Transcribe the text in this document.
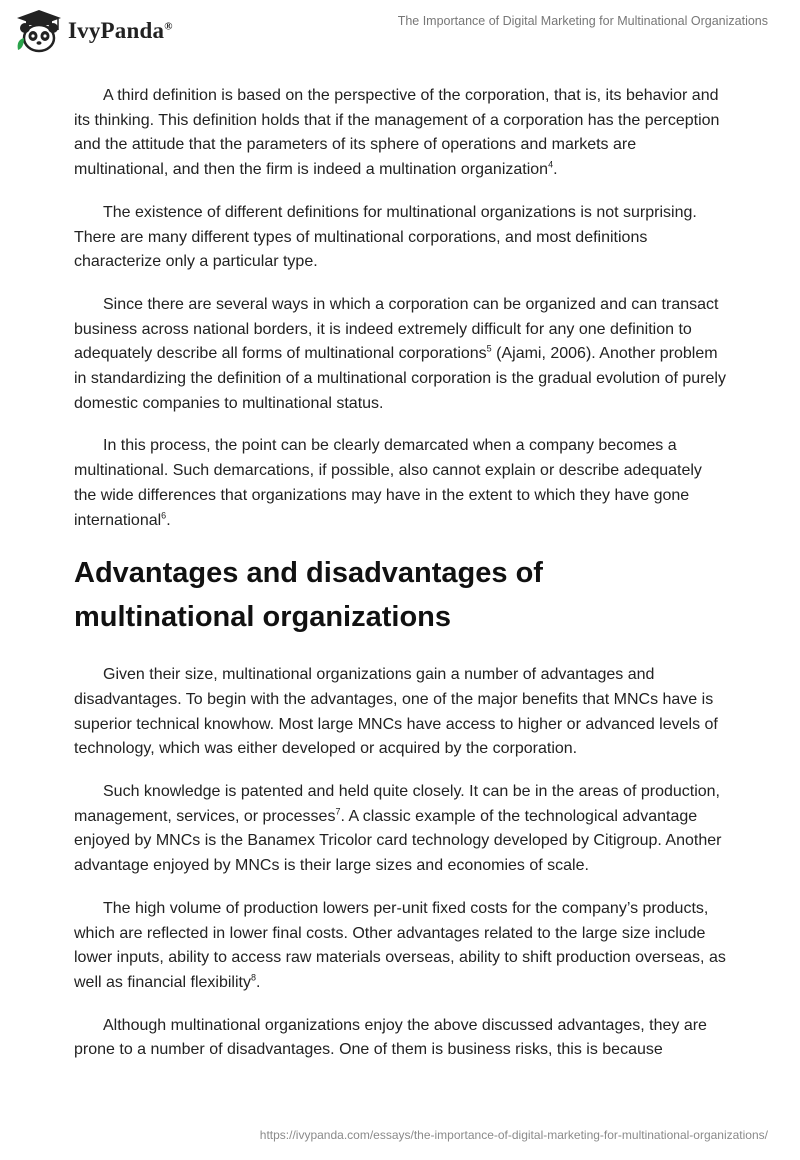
IvyPanda®	The Importance of Digital Marketing for Multinational Organizations

A third definition is based on the perspective of the corporation, that is, its behavior and its thinking. This definition holds that if the management of a corporation has the perception and the attitude that the parameters of its sphere of operations and markets are multinational, and then the firm is indeed a multination organization$^4$.

The existence of different definitions for multinational organizations is not surprising. There are many different types of multinational corporations, and most definitions characterize only a particular type.

Since there are several ways in which a corporation can be organized and can transact business across national borders, it is indeed extremely difficult for any one definition to adequately describe all forms of multinational corporations$^5$ (Ajami, 2006). Another problem in standardizing the definition of a multinational corporation is the gradual evolution of purely domestic companies to multinational status.

In this process, the point can be clearly demarcated when a company becomes a multinational. Such demarcations, if possible, also cannot explain or describe adequately the wide differences that organizations may have in the extent to which they have gone international$^6$.

Advantages and disadvantages of multinational organizations

Given their size, multinational organizations gain a number of advantages and disadvantages. To begin with the advantages, one of the major benefits that MNCs have is superior technical knowhow. Most large MNCs have access to higher or advanced levels of technology, which was either developed or acquired by the corporation.

Such knowledge is patented and held quite closely. It can be in the areas of production, management, services, or processes$^7$. A classic example of the technological advantage enjoyed by MNCs is the Banamex Tricolor card technology developed by Citigroup. Another advantage enjoyed by MNCs is their large sizes and economies of scale.

The high volume of production lowers per-unit fixed costs for the company’s products, which are reflected in lower final costs. Other advantages related to the large size include lower inputs, ability to access raw materials overseas, ability to shift production overseas, as well as financial flexibility$^8$.

Although multinational organizations enjoy the above discussed advantages, they are prone to a number of disadvantages. One of them is business risks, this is because

https://ivypanda.com/essays/the-importance-of-digital-marketing-for-multinational-organizations/
